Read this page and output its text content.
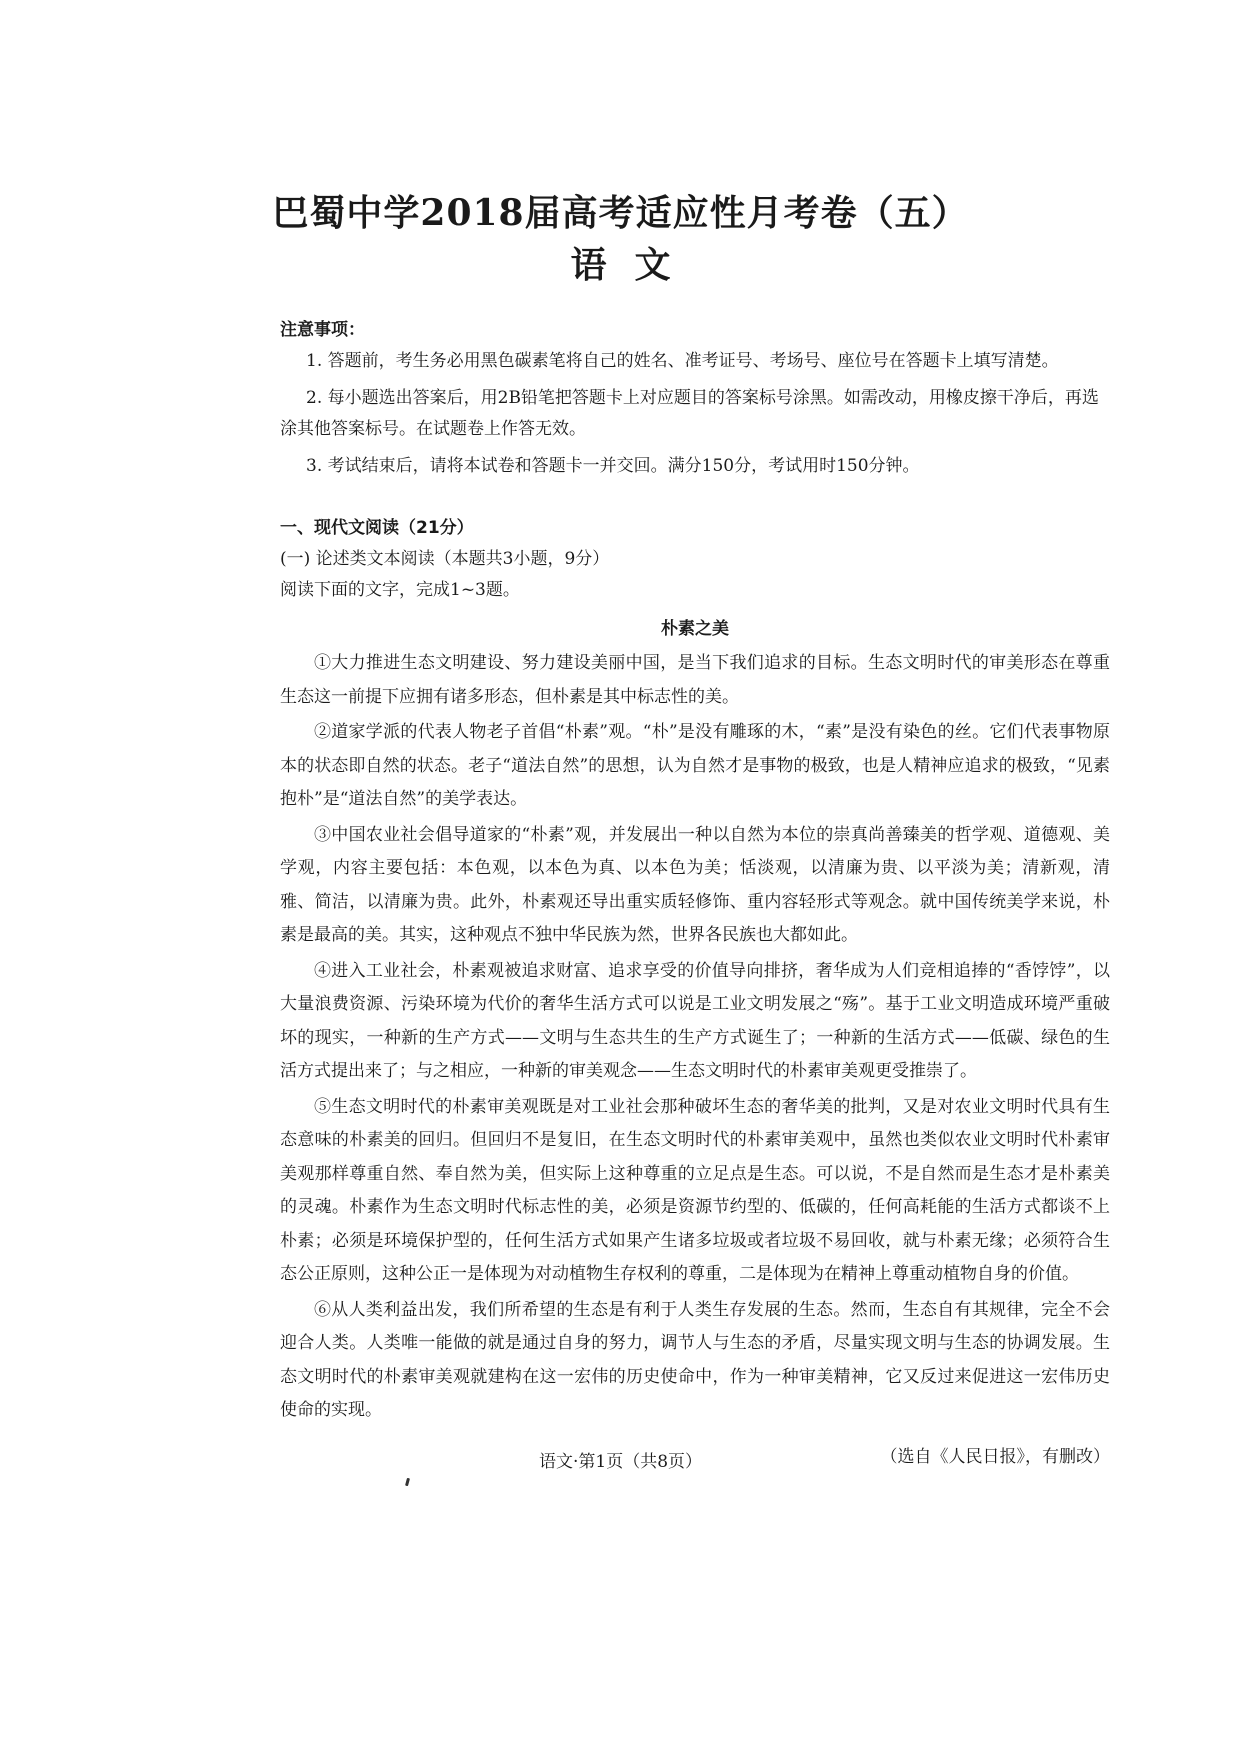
巴蜀中学2018届高考适应性月考卷（五）
语文

注意事项：

1. 答题前，考生务必用黑色碳素笔将自己的姓名、准考证号、考场号、座位号在答题卡上填写清楚。

2. 每小题选出答案后，用2B铅笔把答题卡上对应题目的答案标号涂黑。如需改动，用橡皮擦干净后，再选涂其他答案标号。在试题卷上作答无效。

3. 考试结束后，请将本试卷和答题卡一并交回。满分150分，考试用时150分钟。

一、现代文阅读（21分）

(一) 论述类文本阅读（本题共3小题，9分）

阅读下面的文字，完成1~3题。

朴素之美

①大力推进生态文明建设、努力建设美丽中国，是当下我们追求的目标。生态文明时代的审美形态在尊重生态这一前提下应拥有诸多形态，但朴素是其中标志性的美。

②道家学派的代表人物老子首倡“朴素”观。“朴”是没有雕琢的木，“素”是没有染色的丝。它们代表事物原本的状态即自然的状态。老子“道法自然”的思想，认为自然才是事物的极致，也是人精神应追求的极致，“见素抱朴”是“道法自然”的美学表达。

③中国农业社会倡导道家的“朴素”观，并发展出一种以自然为本位的崇真尚善臻美的哲学观、道德观、美学观，内容主要包括：本色观，以本色为真、以本色为美；恬淡观，以清廉为贵、以平淡为美；清新观，清雅、简洁，以清廉为贵。此外，朴素观还导出重实质轻修饰、重内容轻形式等观念。就中国传统美学来说，朴素是最高的美。其实，这种观点不独中华民族为然，世界各民族也大都如此。

④进入工业社会，朴素观被追求财富、追求享受的价值导向排挤，奢华成为人们竞相追捧的“香饽饽”，以大量浪费资源、污染环境为代价的奢华生活方式可以说是工业文明发展之“殇”。基于工业文明造成环境严重破坏的现实，一种新的生产方式——文明与生态共生的生产方式诞生了；一种新的生活方式——低碳、绿色的生活方式提出来了；与之相应，一种新的审美观念——生态文明时代的朴素审美观更受推崇了。

⑤生态文明时代的朴素审美观既是对工业社会那种破坏生态的奢华美的批判，又是对农业文明时代具有生态意味的朴素美的回归。但回归不是复旧，在生态文明时代的朴素审美观中，虽然也类似农业文明时代朴素审美观那样尊重自然、奉自然为美，但实际上这种尊重的立足点是生态。可以说，不是自然而是生态才是朴素美的灵魂。朴素作为生态文明时代标志性的美，必须是资源节约型的、低碳的，任何高耗能的生活方式都谈不上朴素；必须是环境保护型的，任何生活方式如果产生诸多垃圾或者垃圾不易回收，就与朴素无缘；必须符合生态公正原则，这种公正一是体现为对动植物生存权利的尊重，二是体现为在精神上尊重动植物自身的价值。

⑥从人类利益出发，我们所希望的生态是有利于人类生存发展的生态。然而，生态自有其规律，完全不会迎合人类。人类唯一能做的就是通过自身的努力，调节人与生态的矛盾，尽量实现文明与生态的协调发展。生态文明时代的朴素审美观就建构在这一宏伟的历史使命中，作为一种审美精神，它又反过来促进这一宏伟历史使命的实现。

（选自《人民日报》，有删改）

语文·第1页（共8页）
